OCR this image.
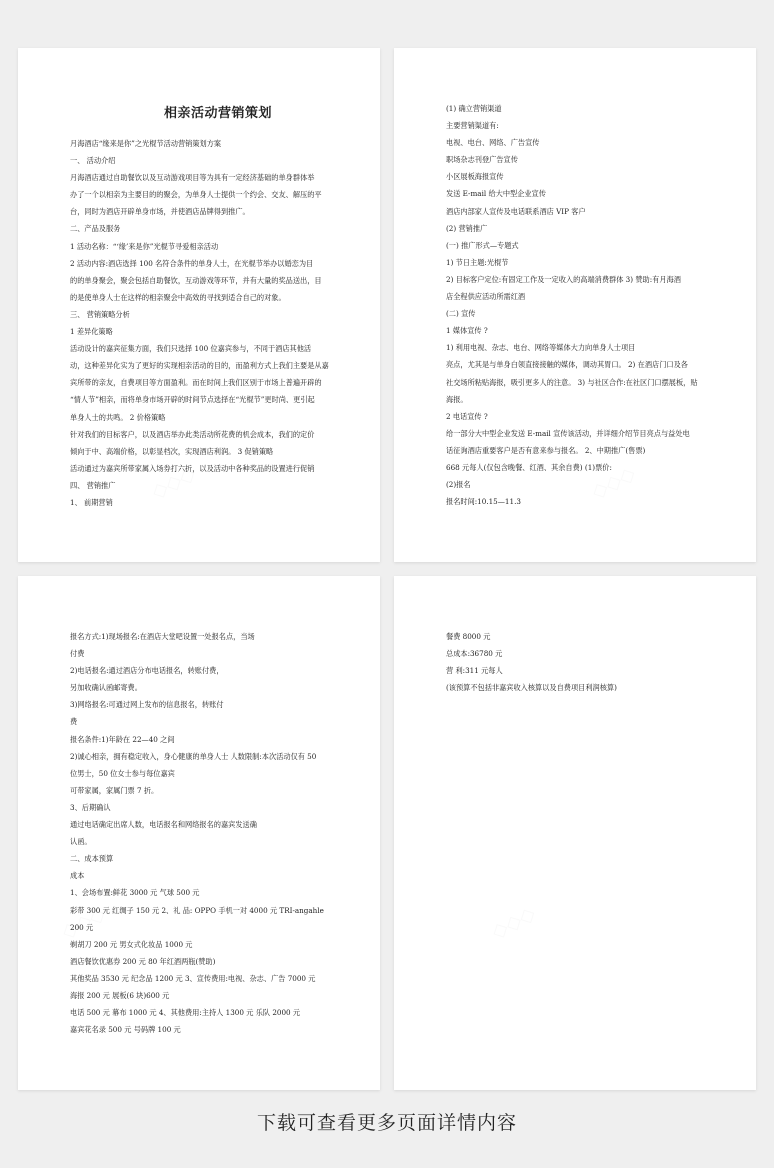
相亲活动营销策划
月海酒店“缘来是你”之光棍节活动营销策划方案
一、 活动介绍
月海酒店通过自助餐饮以及互动游戏项目等为具有一定经济基础的单身群体举
办了一个以相亲为主要目的的聚会，为单身人士提供一个约会、交友、解压的平
台，同时为酒店开辟单身市场，并使酒店品牌得到推广。
二、产品及服务
1 活动名称：“‘缘’来是你”光棍节寻爱相亲活动
2 活动内容:酒店选择 100 名符合条件的单身人士，在光棍节举办以婚恋为目
的的单身聚会，聚会包括自助餐饮，互动游戏等环节，并有大量的奖品送出，目
的是使单身人士在这样的相亲聚会中高效的寻找到适合自己的对象。
三、 营销策略分析
1 差异化策略
活动设计的嘉宾征集方面，我们只选择 100 位嘉宾参与，不同于酒店其他活
动，这种差异化实为了更好的实现相亲活动的目的，而盈利方式上我们主要是从嘉
宾所带的亲友，自费项目等方面盈利。而在时间上我们区别于市场上普遍开辟的
“情人节”相亲，而将单身市场开辟的时间节点选择在“光棍节”更时尚、更引起
单身人士的共鸣。 2 价格策略
针对我们的目标客户，以及酒店举办此类活动所花费的机会成本，我们的定价
倾向于中、高端价格，以彰显档次，实现酒店利润。 3 促销策略
活动通过为嘉宾所带家属入场券打六折，以及活动中各种奖品的设置进行促销
四、 营销推广
1、 前期营销
(1) 确立营销渠道
主要营销渠道有:
电视、电台、网络、广告宣传
职场杂志刊登广告宣传
小区展板海报宣传
发送 E-mail 给大中型企业宣传
酒店内部家人宣传及电话联系酒店 VIP 客户
(2) 营销推广
(一) 推广形式—专题式
1) 节日主题:光棍节
2) 目标客户定位:有固定工作及一定收入的高端消费群体 3) 赞助:有月海酒
店全程供应活动所需红酒
(二) 宣传
1 媒体宣传 ?
1) 利用电视、杂志、电台、网络等媒体大力向单身人士项目
亮点，尤其是与单身白领直接接触的媒体，调动其胃口。 2) 在酒店门口及各
社交场所粘贴海报，吸引更多人的注意。 3) 与社区合作:在社区门口摆展板，贴
海报。
2 电话宣传 ?
给一部分大中型企业发送 E-mail 宣传该活动，并详细介绍节目亮点与益处电
话征询酒店重要客户是否有意来参与报名。 2、中期推广(售票)
668 元每人(仅包含晚餐、红酒、其余自费) (1)票价:
(2)报名
报名时间:10.15—11.3
报名方式:1)现场报名:在酒店大堂吧设置一处报名点，当场
付费
2)电话报名:通过酒店分布电话报名，转账付费，
另加收确认函邮寄费。
3)网络报名:可通过网上发布的信息报名，转账付
费
报名条件:1)年龄在 22—40 之间
2)诚心相亲，拥有稳定收入，身心健康的单身人士 人数限制:本次活动仅有 50
位男士，50 位女士参与每位嘉宾
可带家属，家属门票 7 折。
3、后期确认
通过电话确定出席人数，电话报名和网络报名的嘉宾发送确
认函。
二、成本预算
成本
1、会场布置:鲜花 3000 元 气球 500 元
彩带 300 元 红绸子 150 元 2、礼 品: OPPO 手机一对 4000 元 TRI-angahle
200 元
剃胡刀 200 元 男女式化妆品 1000 元
酒店餐饮优惠券 200 元 80 年红酒两瓶(赞助)
其他奖品 3530 元 纪念品 1200 元 3、宣传费用:电视、杂志、广告 7000 元
海报 200 元 展板(6 块)600 元
电话 500 元 幕布 1000 元 4、其他费用:主持人 1300 元 乐队 2000 元
嘉宾花名录 500 元 号码牌 100 元
餐费 8000 元
总成本:36780 元
营 利:311 元每人
(该预算不包括非嘉宾收入核算以及自费项目利润核算)
下载可查看更多页面详情内容
